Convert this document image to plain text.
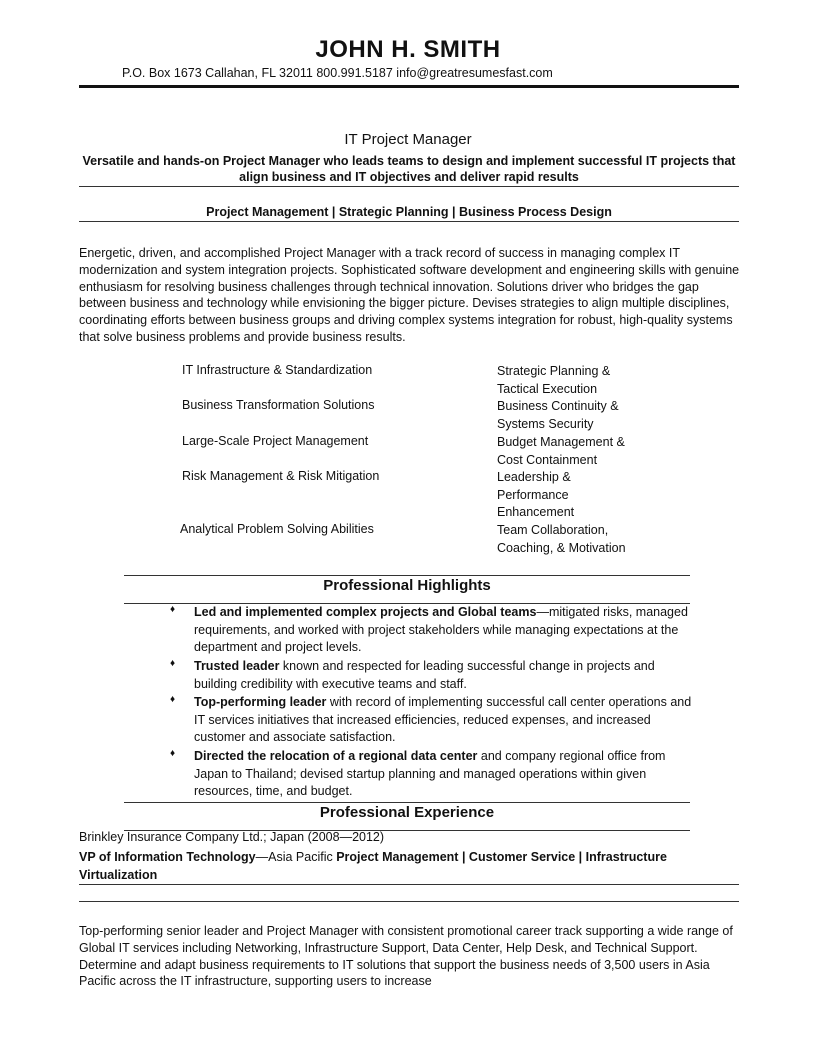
JOHN H. SMITH
P.O. Box 1673 Callahan, FL 32011 800.991.5187 info@greatresumesfast.com
IT Project Manager
Versatile and hands-on Project Manager who leads teams to design and implement successful IT projects that align business and IT objectives and deliver rapid results
Project Management | Strategic Planning | Business Process Design
Energetic, driven, and accomplished Project Manager with a track record of success in managing complex IT modernization and system integration projects. Sophisticated software development and engineering skills with genuine enthusiasm for resolving business challenges through technical innovation. Solutions driver who bridges the gap between business and technology while envisioning the bigger picture. Devises strategies to align multiple disciplines, coordinating efforts between business groups and driving complex systems integration for robust, high-quality systems that solve business problems and provide business results.
IT Infrastructure & Standardization
Business Transformation Solutions
Large-Scale Project Management
Risk Management & Risk Mitigation
Analytical Problem Solving Abilities
Strategic Planning & Tactical Execution
Business Continuity & Systems Security
Budget Management & Cost Containment
Leadership & Performance Enhancement
Team Collaboration, Coaching, & Motivation
Professional Highlights
♦ Led and implemented complex projects and Global teams—mitigated risks, managed requirements, and worked with project stakeholders while managing expectations at the department and project levels.
♦ Trusted leader known and respected for leading successful change in projects and building credibility with executive teams and staff.
♦ Top-performing leader with record of implementing successful call center operations and IT services initiatives that increased efficiencies, reduced expenses, and increased customer and associate satisfaction.
♦ Directed the relocation of a regional data center and company regional office from Japan to Thailand; devised startup planning and managed operations within given resources, time, and budget.
Professional Experience
Brinkley Insurance Company Ltd.; Japan (2008—2012)
VP of Information Technology—Asia Pacific Project Management | Customer Service | Infrastructure Virtualization
Top-performing senior leader and Project Manager with consistent promotional career track supporting a wide range of Global IT services including Networking, Infrastructure Support, Data Center, Help Desk, and Technical Support. Determine and adapt business requirements to IT solutions that support the business needs of 3,500 users in Asia Pacific across the IT infrastructure, supporting users to increase
